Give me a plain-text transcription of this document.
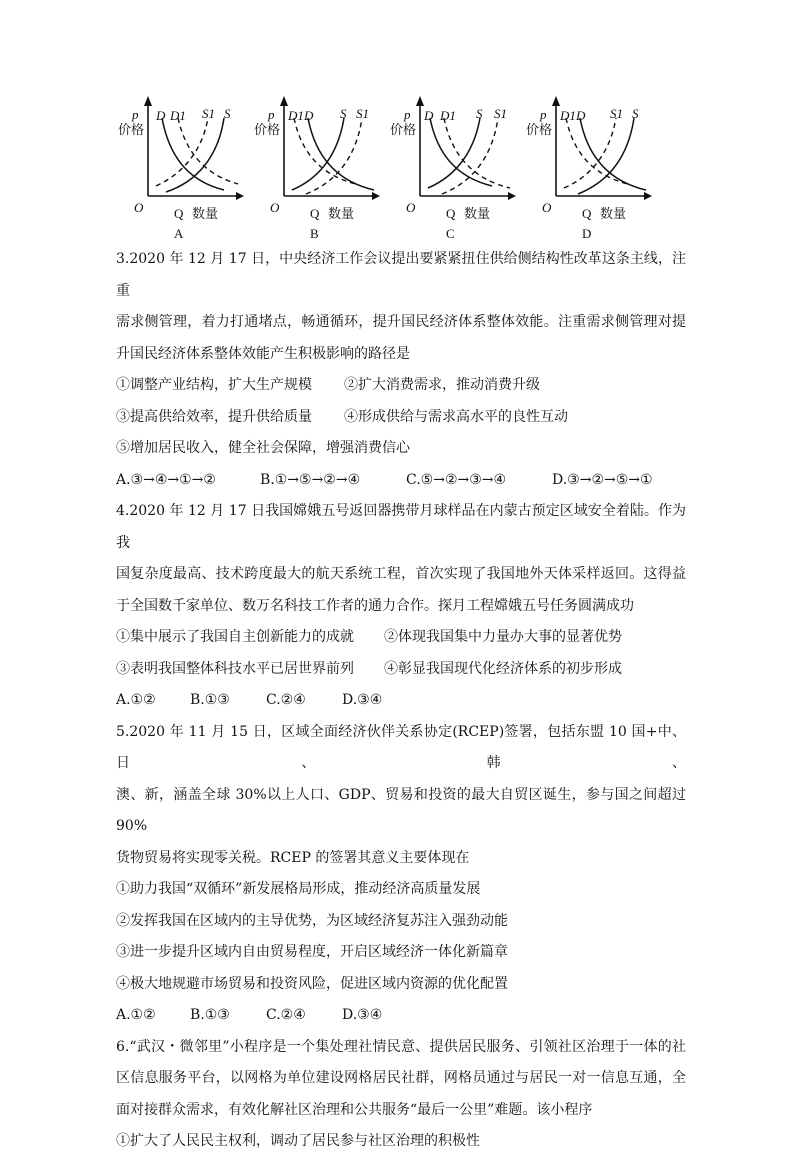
p
价格
O Q 数量
D D1 S1 S
A
p
价格
O Q 数量
D1 D S S1
B
p
价格
O Q 数量
D D1 S S1
C
p
价格
O Q 数量
D1 D S1 S
D

3.2020 年 12 月 17 日，中央经济工作会议提出要紧紧扭住供给侧结构性改革这条主线，注重

需求侧管理，着力打通堵点，畅通循环，提升国民经济体系整体效能。注重需求侧管理对提

升国民经济体系整体效能产生积极影响的路径是

①调整产业结构，扩大生产规模 ②扩大消费需求，推动消费升级

③提高供给效率，提升供给质量 ④形成供给与需求高水平的良性互动

⑤增加居民收入，健全社会保障，增强消费信心

A.③→④→①→②	B.①→⑤→②→④	C.⑤→②→③→④	D.③→②→⑤→①

4.2020 年 12 月 17 日我国嫦娥五号返回器携带月球样品在内蒙古预定区域安全着陆。作为我

国复杂度最高、技术跨度最大的航天系统工程，首次实现了我国地外天体采样返回。这得益

于全国数千家单位、数万名科技工作者的通力合作。探月工程嫦娥五号任务圆满成功

①集中展示了我国自主创新能力的成就 ②体现我国集中力量办大事的显著优势

③表明我国整体科技水平已居世界前列 ④彰显我国现代化经济体系的初步形成

A.①② B.①③	C.②④	D.③④

5.2020 年 11 月 15 日，区域全面经济伙伴关系协定(RCEP)签署，包括东盟 10 国+中、日、韩、

澳、新，涵盖全球 30%以上人口、GDP、贸易和投资的最大自贸区诞生，参与国之间超过 90%

货物贸易将实现零关税。RCEP 的签署其意义主要体现在

①助力我国“双循环”新发展格局形成，推动经济高质量发展

②发挥我国在区域内的主导优势，为区域经济复苏注入强劲动能

③进一步提升区域内自由贸易程度，开启区域经济一体化新篇章

④极大地规避市场贸易和投资风险，促进区域内资源的优化配置

A.①② B.①③	C.②④	D.③④

6.“武汉・微邻里”小程序是一个集处理社情民意、提供居民服务、引领社区治理于一体的社

区信息服务平台，以网格为单位建设网格居民社群，网格员通过与居民一对一信息互通，全

面对接群众需求，有效化解社区治理和公共服务“最后一公里”难题。该小程序

①扩大了人民民主权利，调动了居民参与社区治理的积极性
